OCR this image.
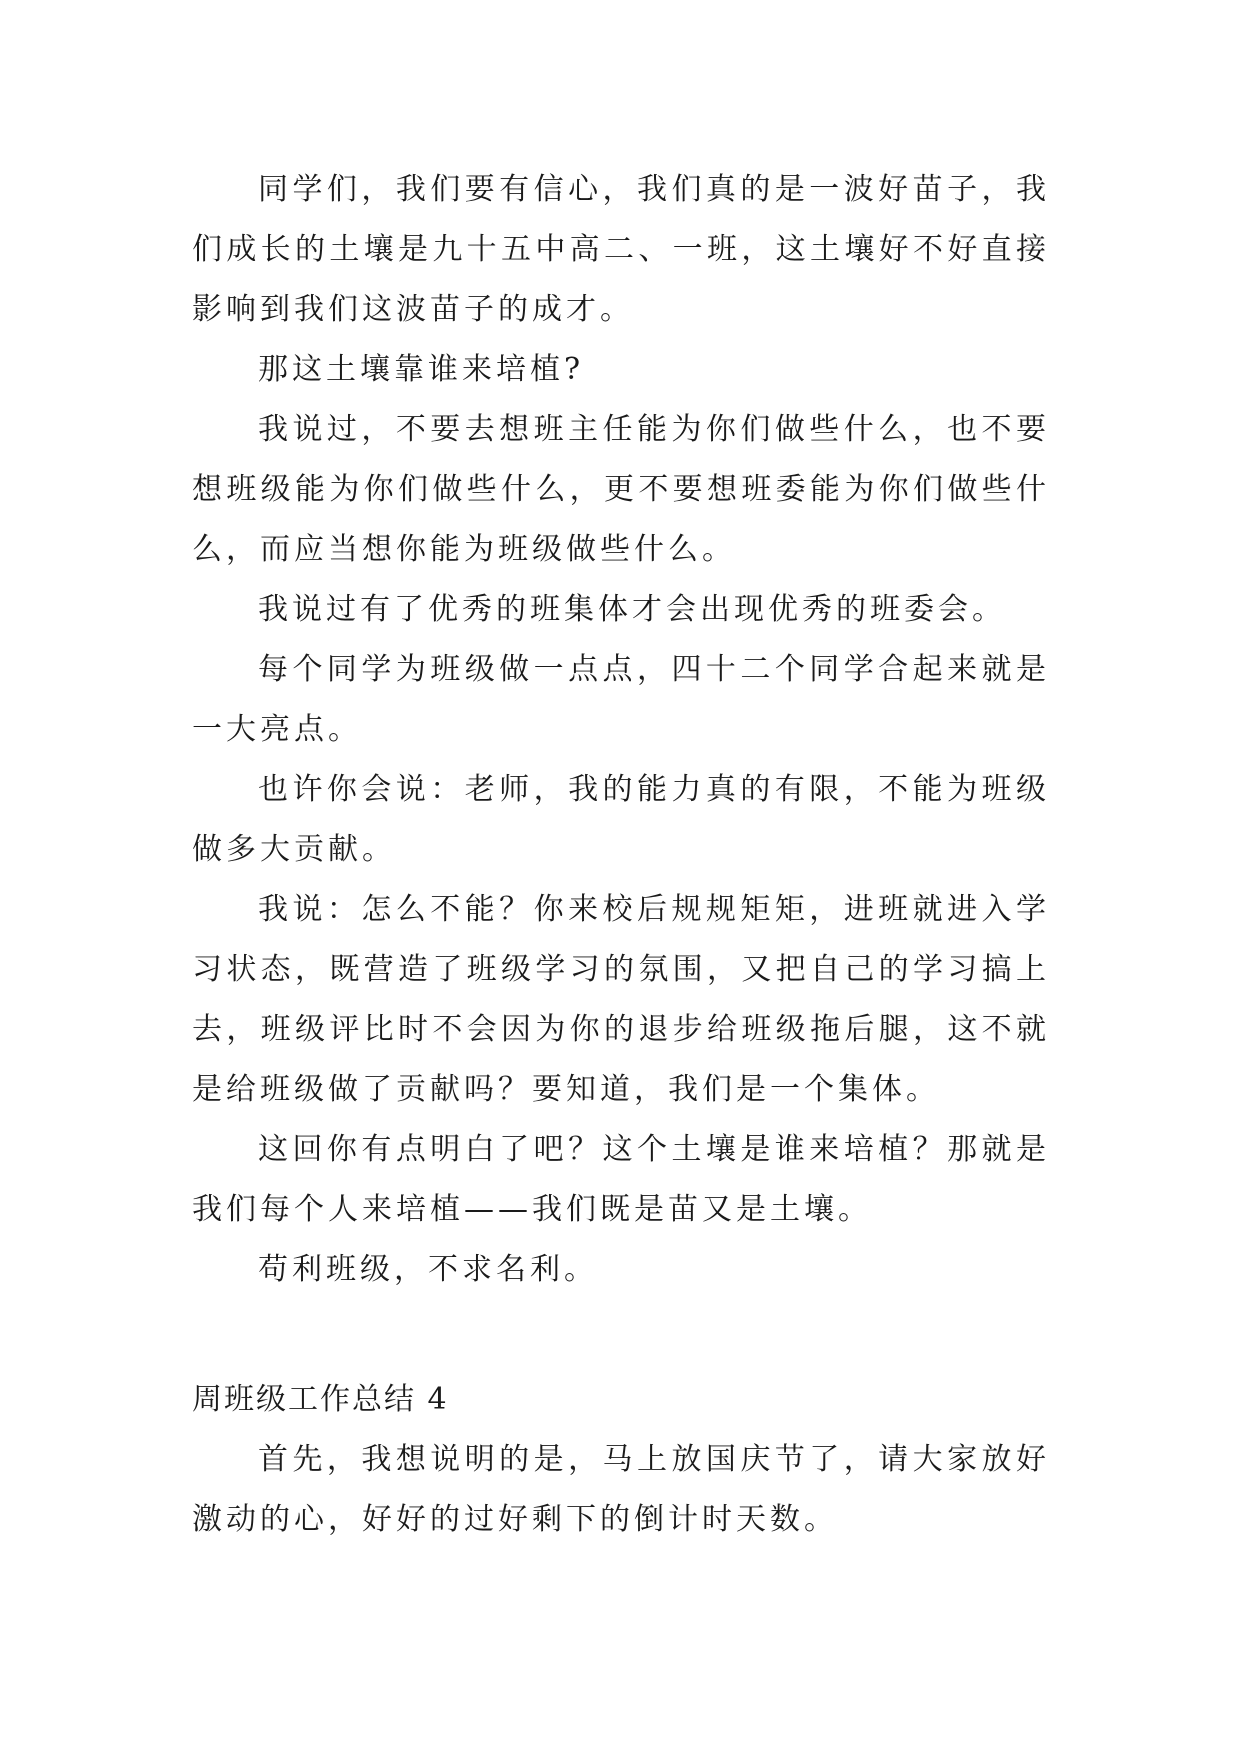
同学们，我们要有信心，我们真的是一波好苗子，我们成长的土壤是九十五中高二、一班，这土壤好不好直接影响到我们这波苗子的成才。

那这土壤靠谁来培植?

我说过，不要去想班主任能为你们做些什么，也不要想班级能为你们做些什么，更不要想班委能为你们做些什么，而应当想你能为班级做些什么。

我说过有了优秀的班集体才会出现优秀的班委会。

每个同学为班级做一点点，四十二个同学合起来就是一大亮点。

也许你会说：老师，我的能力真的有限，不能为班级做多大贡献。

我说：怎么不能？你来校后规规矩矩，进班就进入学习状态，既营造了班级学习的氛围，又把自己的学习搞上去，班级评比时不会因为你的退步给班级拖后腿，这不就是给班级做了贡献吗？要知道，我们是一个集体。

这回你有点明白了吧？这个土壤是谁来培植？那就是我们每个人来培植——我们既是苗又是土壤。

苟利班级，不求名利。

周班级工作总结 4

首先，我想说明的是，马上放国庆节了，请大家放好激动的心，好好的过好剩下的倒计时天数。
